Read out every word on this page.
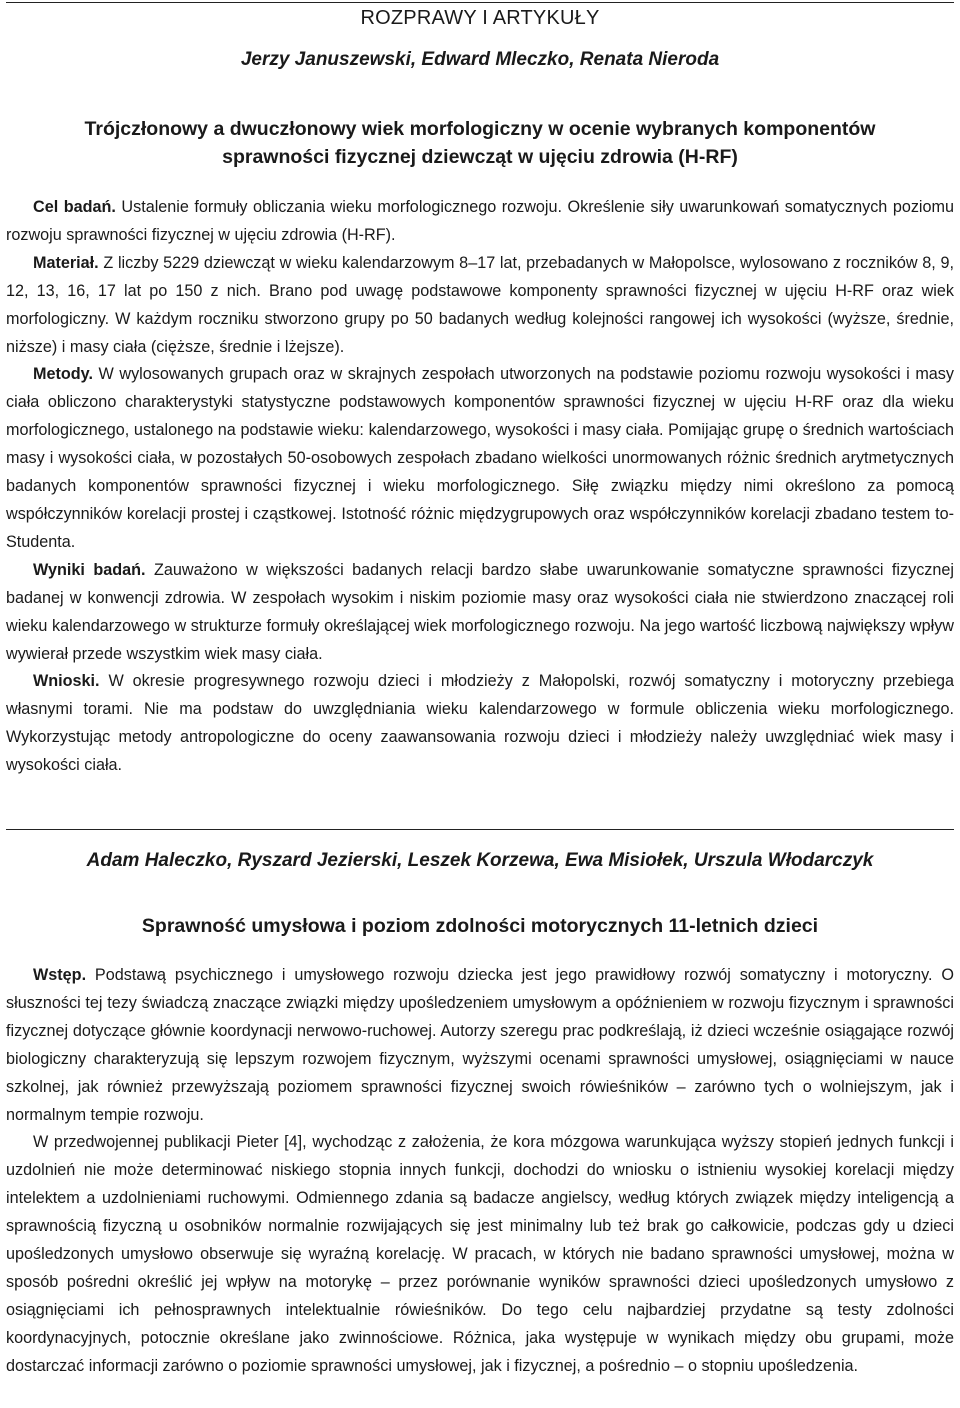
ROZPRAWY I ARTYKUŁY
Jerzy Januszewski, Edward Mleczko, Renata Nieroda
Trójczłonowy a dwuczłonowy wiek morfologiczny w ocenie wybranych komponentów
sprawności fizycznej dziewcząt w ujęciu zdrowia (H-RF)

Cel badań. Ustalenie formuły obliczania wieku morfologicznego rozwoju. Określenie siły uwarunkowań somatycznych poziomu rozwoju sprawności fizycznej w ujęciu zdrowia (H-RF).

Materiał. Z liczby 5229 dziewcząt w wieku kalendarzowym 8–17 lat, przebadanych w Małopolsce, wylosowano z roczników 8, 9, 12, 13, 16, 17 lat po 150 z nich. Brano pod uwagę podstawowe komponenty sprawności fizycznej w ujęciu H-RF oraz wiek morfologiczny. W każdym roczniku stworzono grupy po 50 badanych według kolejności rangowej ich wysokości (wyższe, średnie, niższe) i masy ciała (cięższe, średnie i lżejsze).

Metody. W wylosowanych grupach oraz w skrajnych zespołach utworzonych na podstawie poziomu rozwoju wysokości i masy ciała obliczono charakterystyki statystyczne podstawowych komponentów sprawności fizycznej w ujęciu H-RF oraz dla wieku morfologicznego, ustalonego na podstawie wieku: kalendarzowego, wysokości i masy ciała. Pomijając grupę o średnich wartościach masy i wysokości ciała, w pozostałych 50-osobowych zespołach zbadano wielkości unormowanych różnic średnich arytmetycznych badanych komponentów sprawności fizycznej i wieku morfologicznego. Siłę związku między nimi określono za pomocą współczynników korelacji prostej i cząstkowej. Istotność różnic międzygrupowych oraz współczynników korelacji zbadano testem to-Studenta.

Wyniki badań. Zauważono w większości badanych relacji bardzo słabe uwarunkowanie somatyczne sprawności fizycznej badanej w konwencji zdrowia. W zespołach wysokim i niskim poziomie masy oraz wysokości ciała nie stwierdzono znaczącej roli wieku kalendarzowego w strukturze formuły określającej wiek morfologicznego rozwoju. Na jego wartość liczbową największy wpływ wywierał przede wszystkim wiek masy ciała.

Wnioski. W okresie progresywnego rozwoju dzieci i młodzieży z Małopolski, rozwój somatyczny i motoryczny przebiega własnymi torami. Nie ma podstaw do uwzględniania wieku kalendarzowego w formule obliczenia wieku morfologicznego. Wykorzystując metody antropologiczne do oceny zaawansowania rozwoju dzieci i młodzieży należy uwzględniać wiek masy i wysokości ciała.

Adam Haleczko, Ryszard Jezierski, Leszek Korzewa, Ewa Misiołek, Urszula Włodarczyk
Sprawność umysłowa i poziom zdolności motorycznych 11-letnich dzieci

Wstęp. Podstawą psychicznego i umysłowego rozwoju dziecka jest jego prawidłowy rozwój somatyczny i motoryczny. O słuszności tej tezy świadczą znaczące związki między upośledzeniem umysłowym a opóźnieniem w rozwoju fizycznym i sprawności fizycznej dotyczące głównie koordynacji nerwowo-ruchowej. Autorzy szeregu prac podkreślają, iż dzieci wcześnie osiągające rozwój biologiczny charakteryzują się lepszym rozwojem fizycznym, wyższymi ocenami sprawności umysłowej, osiągnięciami w nauce szkolnej, jak również przewyższają poziomem sprawności fizycznej swoich rówieśników – zarówno tych o wolniejszym, jak i normalnym tempie rozwoju.

W przedwojennej publikacji Pieter [4], wychodząc z założenia, że kora mózgowa warunkująca wyższy stopień jednych funkcji i uzdolnień nie może determinować niskiego stopnia innych funkcji, dochodzi do wniosku o istnieniu wysokiej korelacji między intelektem a uzdolnieniami ruchowymi. Odmiennego zdania są badacze angielscy, według których związek między inteligencją a sprawnością fizyczną u osobników normalnie rozwijających się jest minimalny lub też brak go całkowicie, podczas gdy u dzieci upośledzonych umysłowo obserwuje się wyraźną korelację. W pracach, w których nie badano sprawności umysłowej, można w sposób pośredni określić jej wpływ na motorykę – przez porównanie wyników sprawności dzieci upośledzonych umysłowo z osiągnięciami ich pełnosprawnych intelektualnie rówieśników. Do tego celu najbardziej przydatne są testy zdolności koordynacyjnych, potocznie określane jako zwinnościowe. Różnica, jaka występuje w wynikach między obu grupami, może dostarczać informacji zarówno o poziomie sprawności umysłowej, jak i fizycznej, a pośrednio – o stopniu upośledzenia.
